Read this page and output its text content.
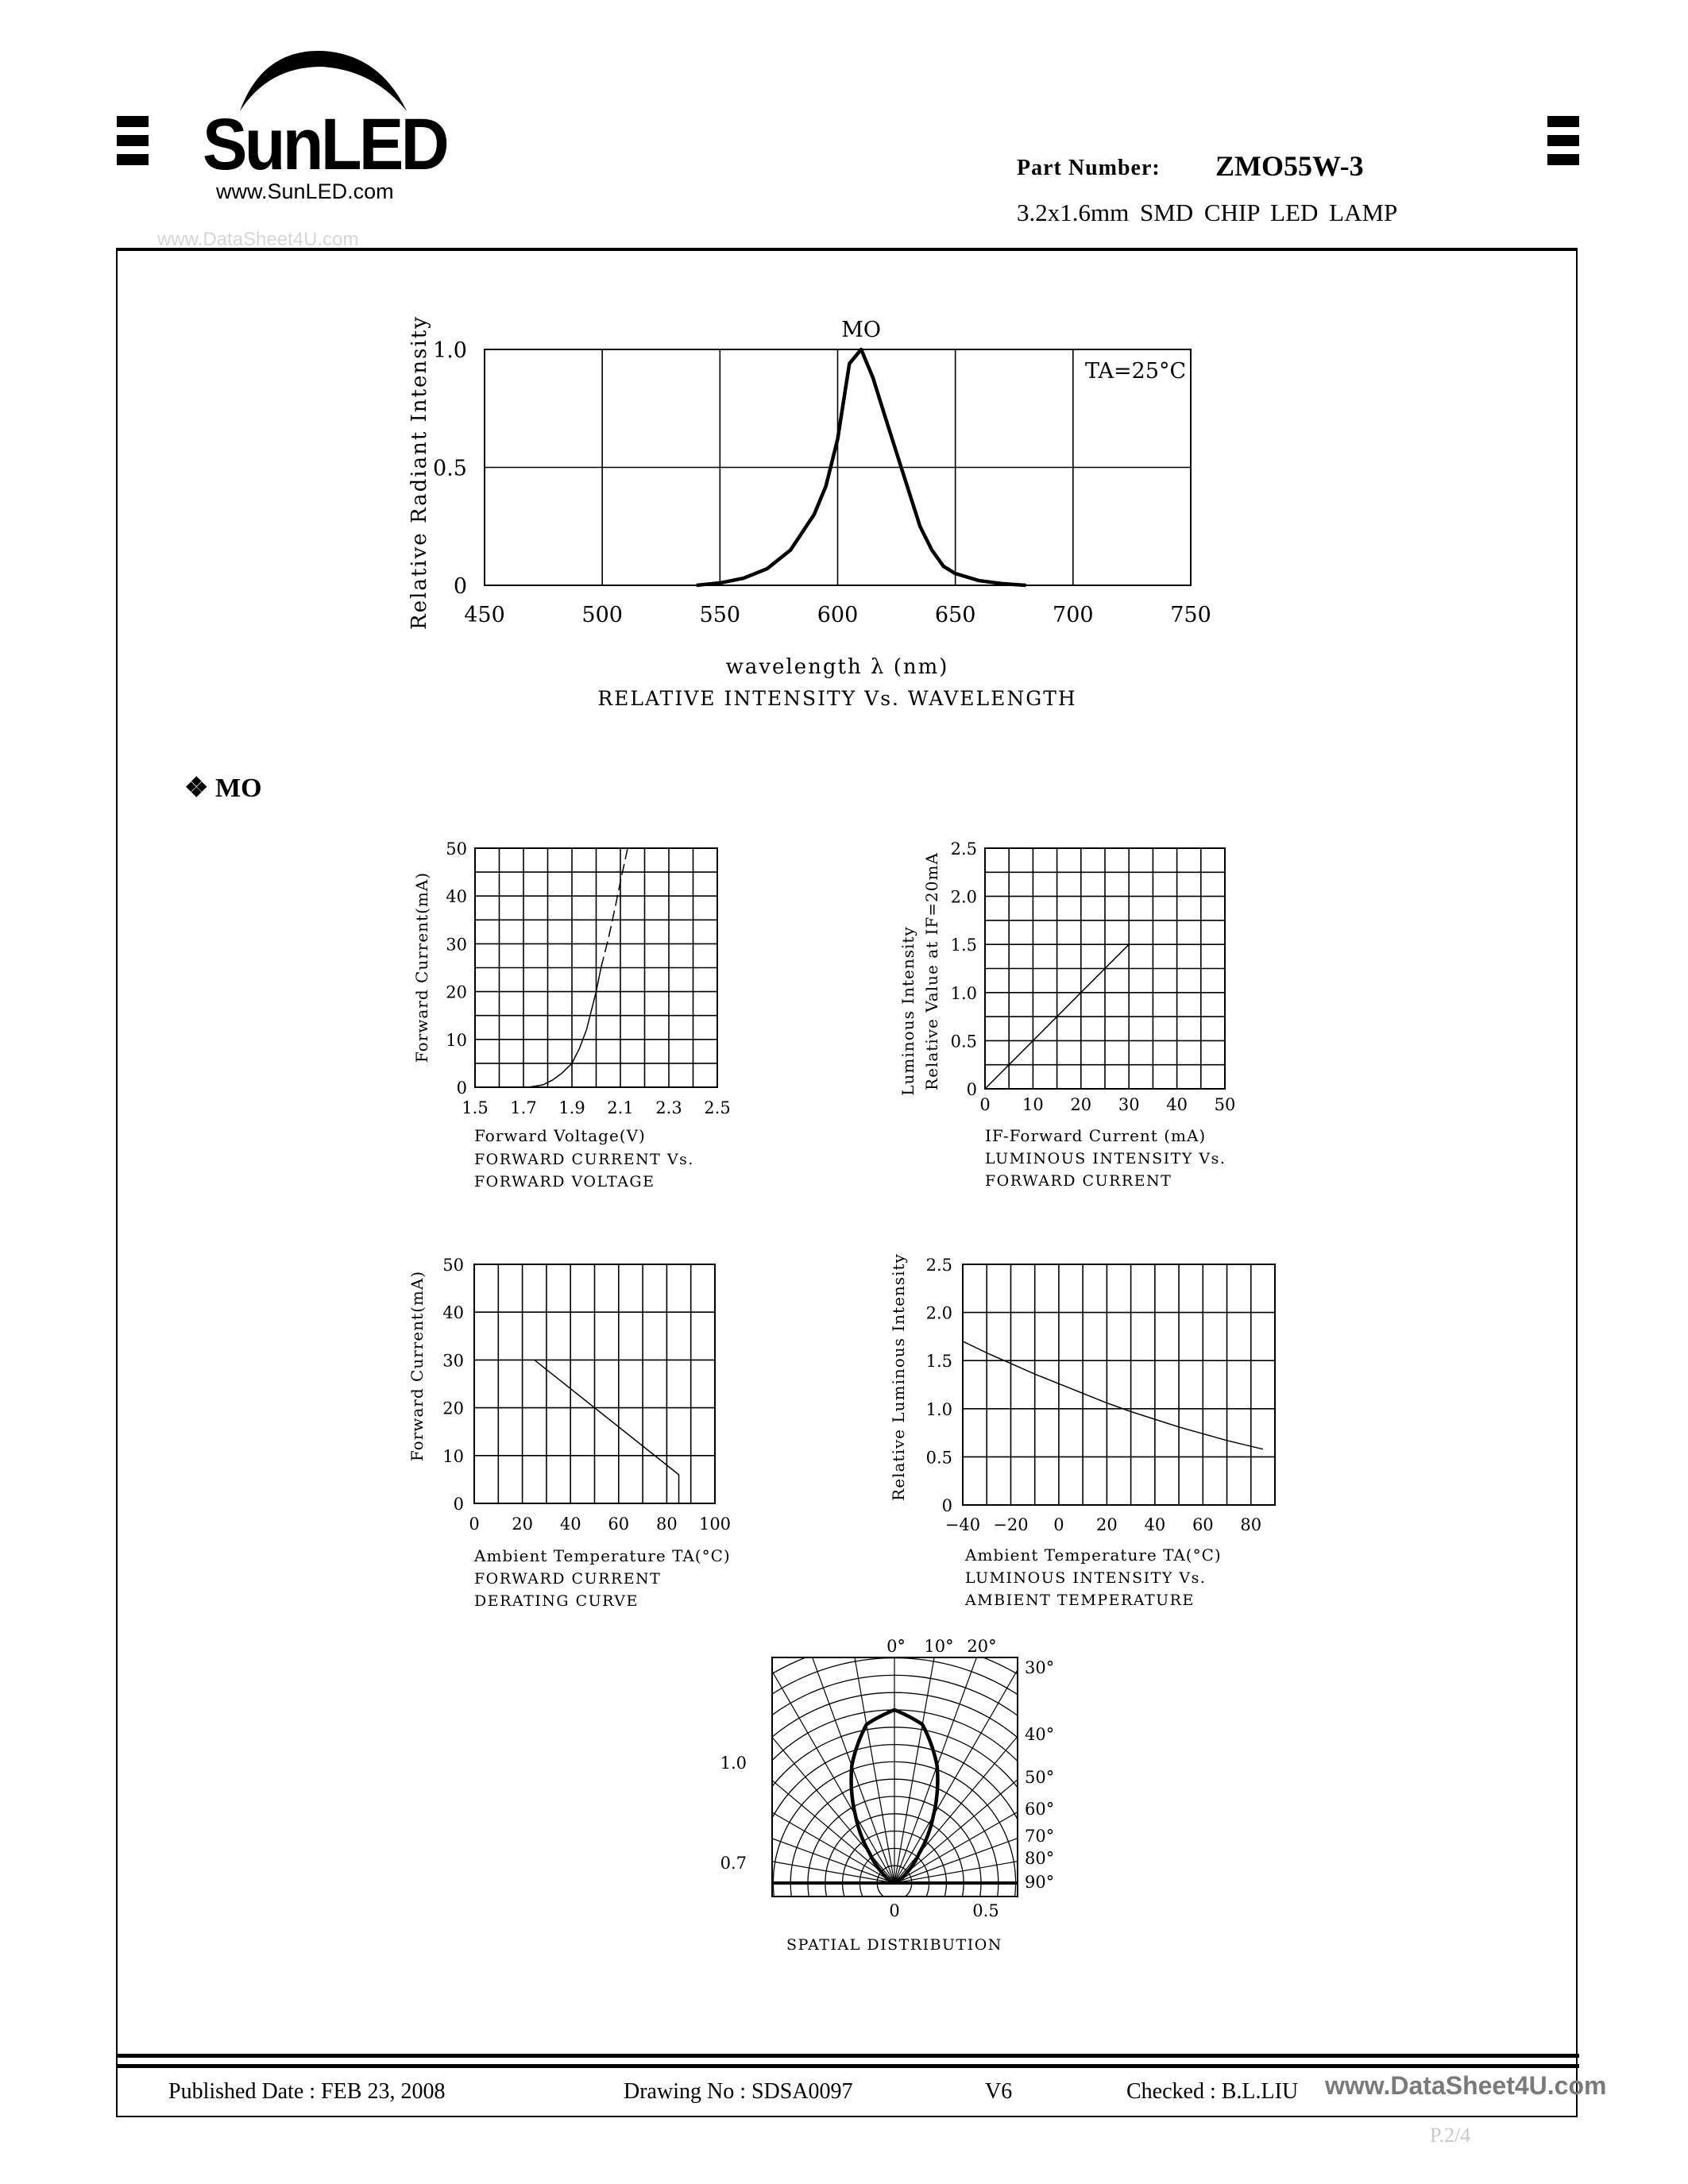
SunLED
www.SunLED.com
Part Number: ZMO55W-3
3.2x1.6mm SMD CHIP LED LAMP
www.DataSheet4U.com
❖ MO
450	500	550	600	650	700	750
0
0.5
1.0
Relative Radiant Intensity
wavelength λ (nm)
MO
TA=25°C
RELATIVE INTENSITY Vs. WAVELENGTH
1.5 1.7 1.9 2.1 2.3 2.5
0
10
20
30
40
50
Forward Current(mA)
Forward Voltage(V)
FORWARD CURRENT Vs.
FORWARD VOLTAGE
0 10 20 30 40 50
0
0.5
1.0
1.5
2.0
2.5
Luminous Intensity Relative Value at IF=20mA
IF-Forward Current (mA)
LUMINOUS INTENSITY Vs.
FORWARD CURRENT
0 20 40 60 80 100
0
10
20
30
40
50
Forward Current(mA)
Ambient Temperature TA(°C)
FORWARD CURRENT
DERATING CURVE
−40 −20 0 20 40 60 80
0
0.5
1.0
1.5
2.0
2.5
Relative Luminous Intensity
Ambient Temperature TA(°C)
LUMINOUS INTENSITY Vs.
AMBIENT TEMPERATURE
0° 10° 20°
30°
40°
50°
60°
70°
80°
90°
1.0
0.7
0	0.5
SPATIAL DISTRIBUTION
Published Date : FEB 23, 2008	Drawing No : SDSA0097	V6	Checked : B.L.LIU www.DataSheet4U.com
P.2/4
